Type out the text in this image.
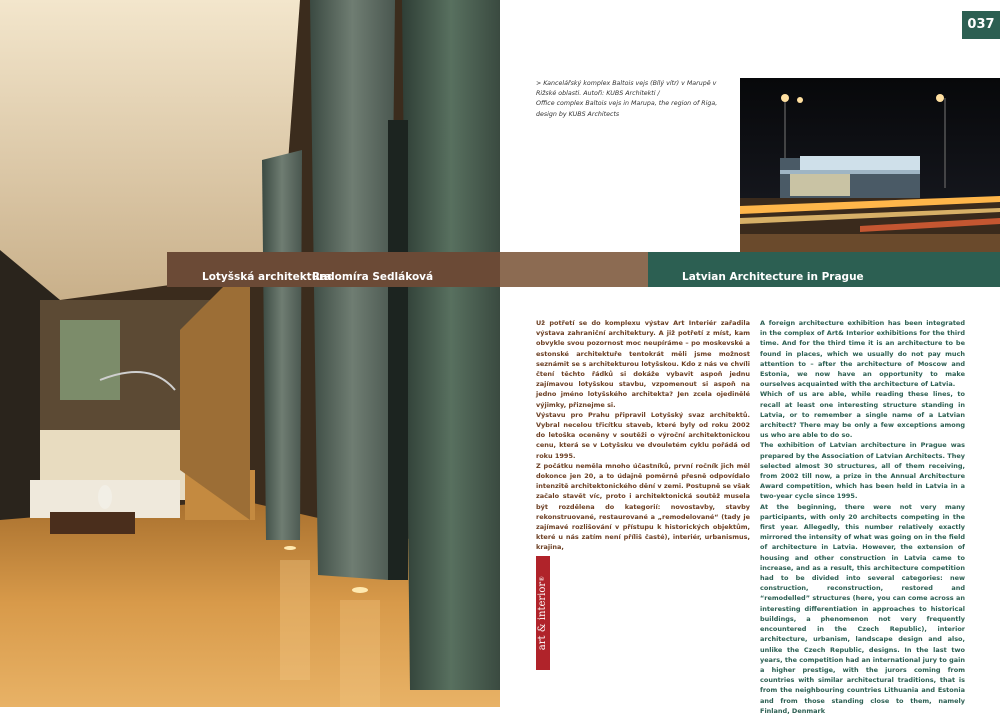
037
> Kancelářský komplex Baltois vejs (Bílý vítr) v Marupě v Rižské oblasti. Autoři: KUBS Architekti /
Office complex Baltois vejs in Marupa, the region of Riga, design by KUBS Architects
Lotyšská architektura
Radomíra Sedláková	Latvian Architecture in Prague

Už potřetí se do komplexu výstav Art Interiér zařadila výstava zahraniční architektury. A již potřetí z míst, kam obvykle svou pozornost moc neupíráme – po moskevské a estonské architektuře tentokrát měli jsme možnost seznámit se s architekturou lotyšskou. Kdo z nás ve chvíli čtení těchto řádků si dokáže vybavit aspoň jednu zajímavou lotyšskou stavbu, vzpomenout si aspoň na jedno jméno lotyšského architekta? Jen zcela ojedinělé výjimky, přiznejme si.

Výstavu pro Prahu připravil Lotyšský svaz architektů. Vybral necelou třicítku staveb, které byly od roku 2002 do letoška oceněny v soutěži o výroční architektonickou cenu, která se v Lotyšsku ve dvouletém cyklu pořádá od roku 1995.

Z počátku neměla mnoho účastníků, první ročník jich měl dokonce jen 20, a to údajně poměrně přesně odpovídalo intenzitě architektonického dění v zemi. Postupně se však začalo stavět víc, proto i architektonická soutěž musela být rozdělena do kategorií: novostavby, stavby rekonstruované, restaurované a „remodelované“ (tady je zajímavé rozlišování v přístupu k historických objektům, které u nás zatím není příliš časté), interiér, urbanismus, krajina,

A foreign architecture exhibition has been integrated in the complex of Art& Interior exhibitions for the third time. And for the third time it is an architecture to be found in places, which we usually do not pay much attention to – after the architecture of Moscow and Estonia, we now have an opportunity to make ourselves acquainted with the architecture of Latvia.

Which of us are able, while reading these lines, to recall at least one interesting structure standing in Latvia, or to remember a single name of a Latvian architect? There may be only a few exceptions among us who are able to do so.

The exhibition of Latvian architecture in Prague was prepared by the Association of Latvian Architects. They selected almost 30 structures, all of them receiving, from 2002 till now, a prize in the Annual Architecture Award competition, which has been held in Latvia in a two-year cycle since 1995.

At the beginning, there were not very many participants, with only 20 architects competing in the first year. Allegedly, this number relatively exactly mirrored the intensity of what was going on in the field of architecture in Latvia. However, the extension of housing and other construction in Latvia came to increase, and as a result, this architecture competition had to be divided into several categories: new construction, reconstruction, restored and “remodelled” structures (here, you can come across an interesting differentiation in approaches to historical buildings, a phenomenon not very frequently encountered in the Czech Republic), interior architecture, urbanism, landscape design and also, unlike the Czech Republic, designs. In the last two years, the competition had an international jury to gain a higher prestige, with the jurors coming from countries with similar architectural traditions, that is from the neighbouring countries Lithuania and Estonia and from those standing close to them, namely Finland, Denmark

art & interior®
